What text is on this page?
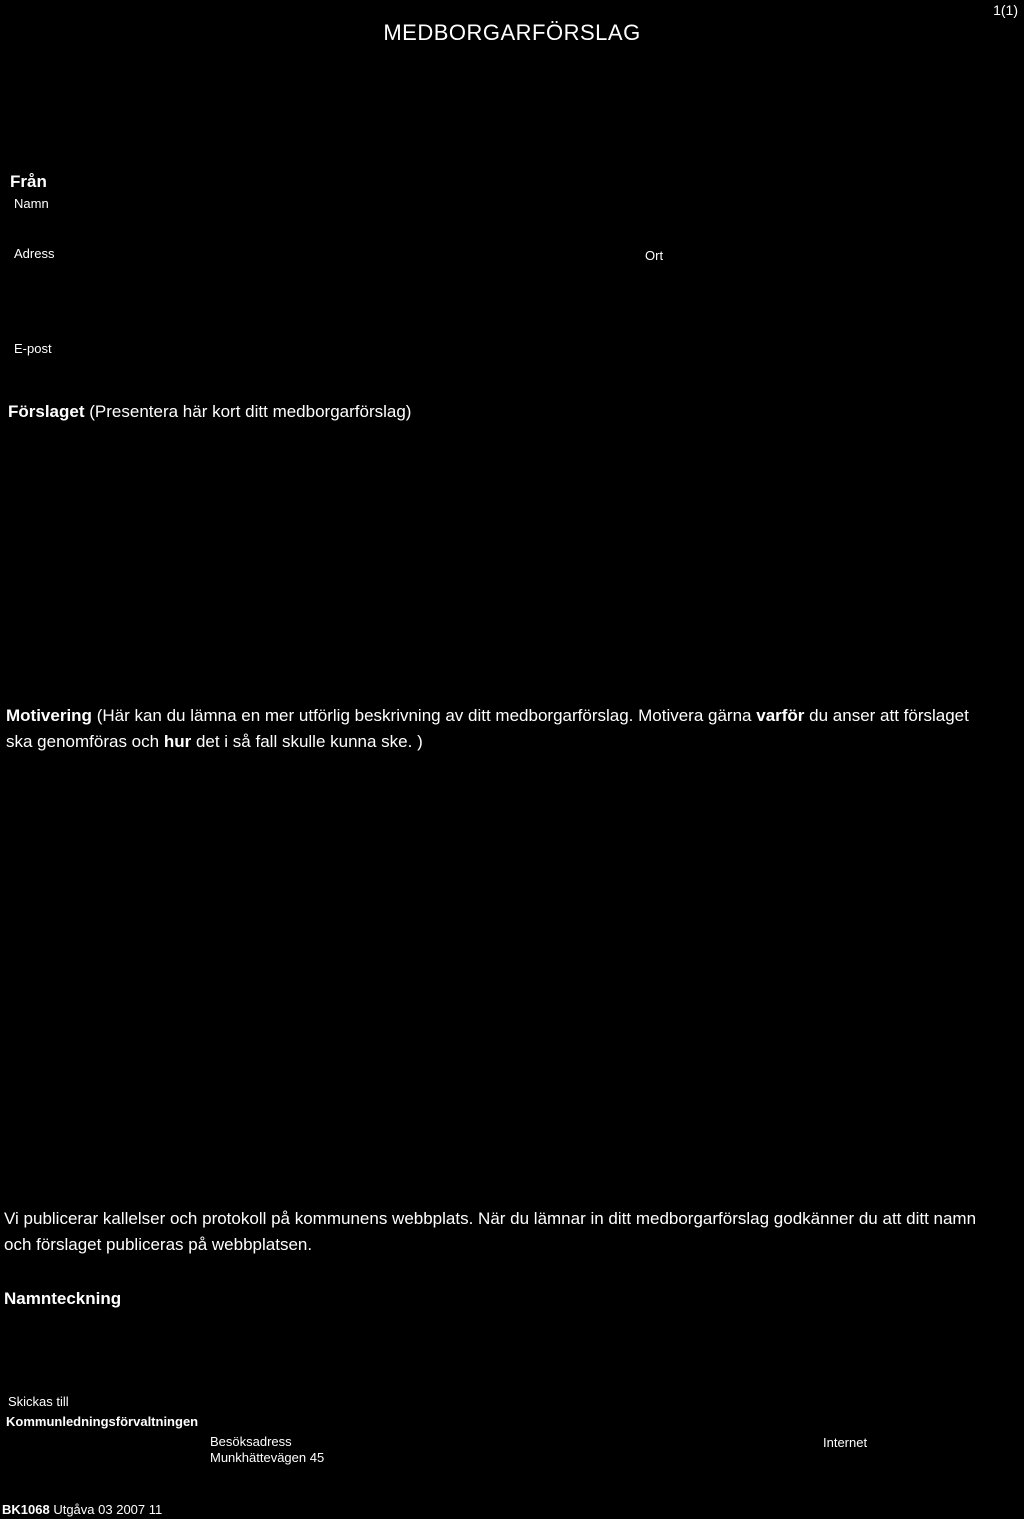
MEDBORGARFÖRSLAG
1(1)
Från
Namn
Adress	Ort
E-post
Förslaget (Presentera här kort ditt medborgarförslag)
Motivering (Här kan du lämna en mer utförlig beskrivning av ditt medborgarförslag. Motivera gärna varför du anser att förslaget ska genomföras och hur det i så fall skulle kunna ske. )
Vi publicerar kallelser och protokoll på kommunens webbplats. När du lämnar in ditt medborgarförslag godkänner du att ditt namn och förslaget publiceras på webbplatsen.
Namnteckning
Skickas till
Kommunledningsförvaltningen
Besöksadress
Munkhättevägen 45
Internet
BK1068 Utgåva 03 2007 11
